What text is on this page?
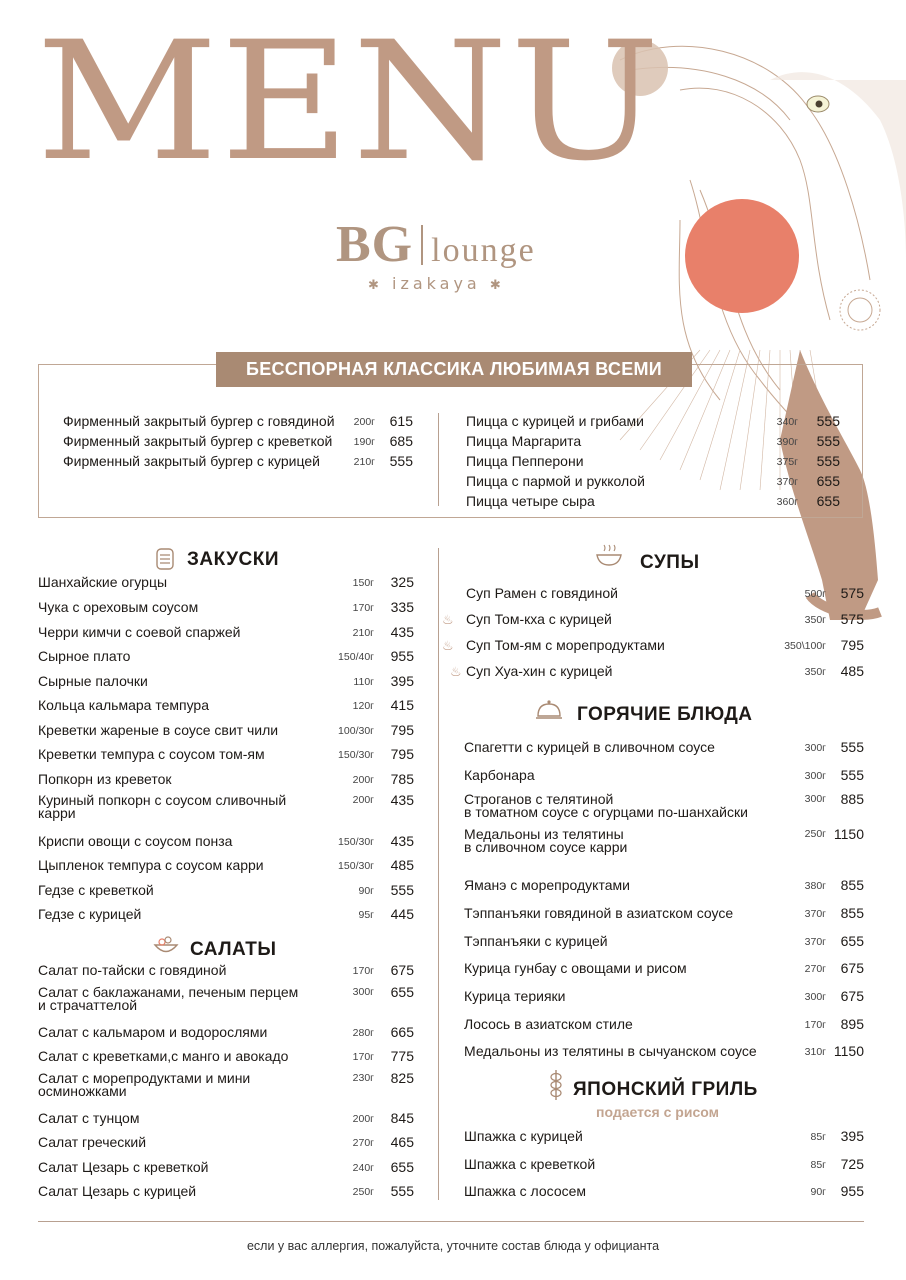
MENU
BG lounge
✱ izakaya ✱
БЕССПОРНАЯ КЛАССИКА ЛЮБИМАЯ ВСЕМИ
ЗАКУСКИ
САЛАТЫ
СУПЫ
ГОРЯЧИЕ БЛЮДА
ЯПОНСКИЙ ГРИЛЬ
подается с рисом
♨
♨
♨
Фирменный закрытый бургер с говядиной 200г 615
Фирменный закрытый бургер с креветкой 190г 685
Фирменный закрытый бургер с курицей	210г 555
Пицца с курицей и грибами	340г 555
Пицца Маргарита	390г 555
Пицца Пепперони	375г 555
Пицца с пармой и рукколой	370г 655
Пицца четыре сыра	360г 655
Шанхайские огурцы	150г 325
Чука с ореховым соусом	170г 335
Черри кимчи с соевой спаржей	210г 435
Сырное плато	150/40г 955
Сырные палочки	110г 395
Кольца кальмара темпура	120г 415
Креветки жареные в соусе свит чили	100/30г 795
Креветки темпура с соусом том-ям	150/30г 795
Попкорн из креветок	200г 785
Куриный попкорн с соусом сливочный
карри
200г 435
Криспи овощи с соусом понза	150/30г 435
Цыпленок темпура с соусом карри	150/30г 485
Гедзе с креветкой	90г 555
Гедзе с курицей	95г 445
Салат по-тайски с говядиной	170г 675
Салат с баклажанами, печеным перцем
и страчаттелой
300г 655
Салат с кальмаром и водорослями	280г 665
Салат с креветками,с манго и авокадо	170г 775
Салат с морепродуктами и мини
осминожками
230г 825
Салат с тунцом	200г 845
Салат греческий	270г 465
Салат Цезарь с креветкой	240г 655
Салат Цезарь с курицей	250г 555
Суп Рамен с говядиной	500г 575
Суп Том-кха с курицей	350г 575
Суп Том-ям с морепродуктами	350\100г 795
Суп Хуа-хин с курицей	350г 485
Спагетти с курицей в сливочном соусе	300г 555
Карбонара	300г 555
Строганов с телятиной
в томатном соусе с огурцами по-шанхайски
300г 885
Медальоны из телятины
в сливочном соусе карри
250г 1150
Яманэ с морепродуктами	380г 855
Тэппанъяки говядиной в азиатском соусе	370г 855
Тэппанъяки с курицей	370г 655
Курица гунбау с овощами и рисом	270г 675
Курица терияки	300г 675
Лосось в азиатском стиле	170г 895
Медальоны из телятины в сычуанском соусе	310г 1150
Шпажка с курицей	85г 395
Шпажка с креветкой	85г 725
Шпажка с лососем	90г 955
если у вас аллергия, пожалуйста, уточните состав блюда у официанта
